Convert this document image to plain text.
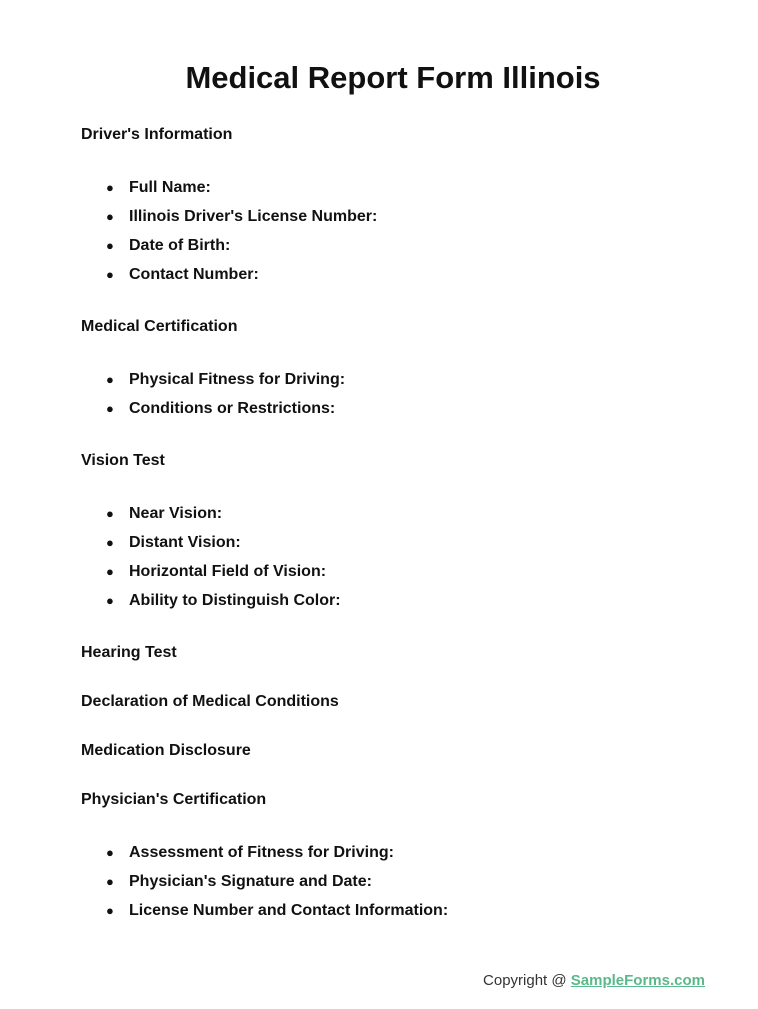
Medical Report Form Illinois

Driver's Information

● Full Name:
● Illinois Driver's License Number:
● Date of Birth:
● Contact Number:

Medical Certification

● Physical Fitness for Driving:
● Conditions or Restrictions:

Vision Test

● Near Vision:
● Distant Vision:
● Horizontal Field of Vision:
● Ability to Distinguish Color:

Hearing Test

Declaration of Medical Conditions

Medication Disclosure

Physician's Certification

● Assessment of Fitness for Driving:
● Physician's Signature and Date:
● License Number and Contact Information:
Copyright @ SampleForms.com
